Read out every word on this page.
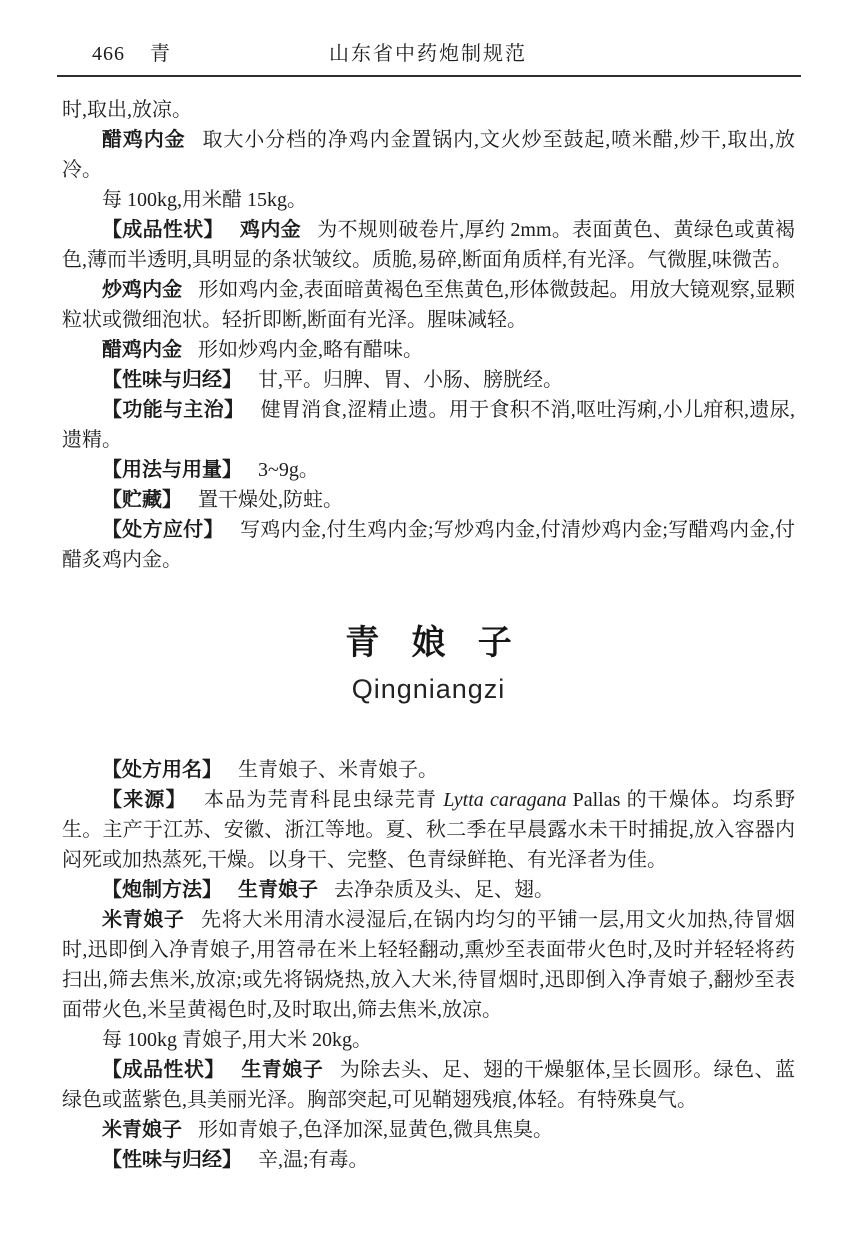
466 青	山东省中药炮制规范

时,取出,放凉。

醋鸡内金 取大小分档的净鸡内金置锅内,文火炒至鼓起,喷米醋,炒干,取出,放冷。

每 100kg,用米醋 15kg。

【成品性状】 鸡内金 为不规则破卷片,厚约 2mm。表面黄色、黄绿色或黄褐色,薄而半透明,具明显的条状皱纹。质脆,易碎,断面角质样,有光泽。气微腥,味微苦。

炒鸡内金 形如鸡内金,表面暗黄褐色至焦黄色,形体微鼓起。用放大镜观察,显颗粒状或微细泡状。轻折即断,断面有光泽。腥味减轻。

醋鸡内金 形如炒鸡内金,略有醋味。

【性味与归经】 甘,平。归脾、胃、小肠、膀胱经。

【功能与主治】 健胃消食,涩精止遗。用于食积不消,呕吐泻痢,小儿疳积,遗尿,遗精。

【用法与用量】 3~9g。

【贮藏】 置干燥处,防蛀。

【处方应付】 写鸡内金,付生鸡内金;写炒鸡内金,付清炒鸡内金;写醋鸡内金,付醋炙鸡内金。

青娘子
Qingniangzi

【处方用名】 生青娘子、米青娘子。

【来源】 本品为芫青科昆虫绿芫青 Lytta caragana Pallas 的干燥体。均系野生。主产于江苏、安徽、浙江等地。夏、秋二季在早晨露水未干时捕捉,放入容器内闷死或加热蒸死,干燥。以身干、完整、色青绿鲜艳、有光泽者为佳。

【炮制方法】 生青娘子 去净杂质及头、足、翅。

米青娘子 先将大米用清水浸湿后,在锅内均匀的平铺一层,用文火加热,待冒烟时,迅即倒入净青娘子,用笤帚在米上轻轻翻动,熏炒至表面带火色时,及时并轻轻将药扫出,筛去焦米,放凉;或先将锅烧热,放入大米,待冒烟时,迅即倒入净青娘子,翻炒至表面带火色,米呈黄褐色时,及时取出,筛去焦米,放凉。

每 100kg 青娘子,用大米 20kg。

【成品性状】 生青娘子 为除去头、足、翅的干燥躯体,呈长圆形。绿色、蓝绿色或蓝紫色,具美丽光泽。胸部突起,可见鞘翅残痕,体轻。有特殊臭气。

米青娘子 形如青娘子,色泽加深,显黄色,微具焦臭。

【性味与归经】 辛,温;有毒。
